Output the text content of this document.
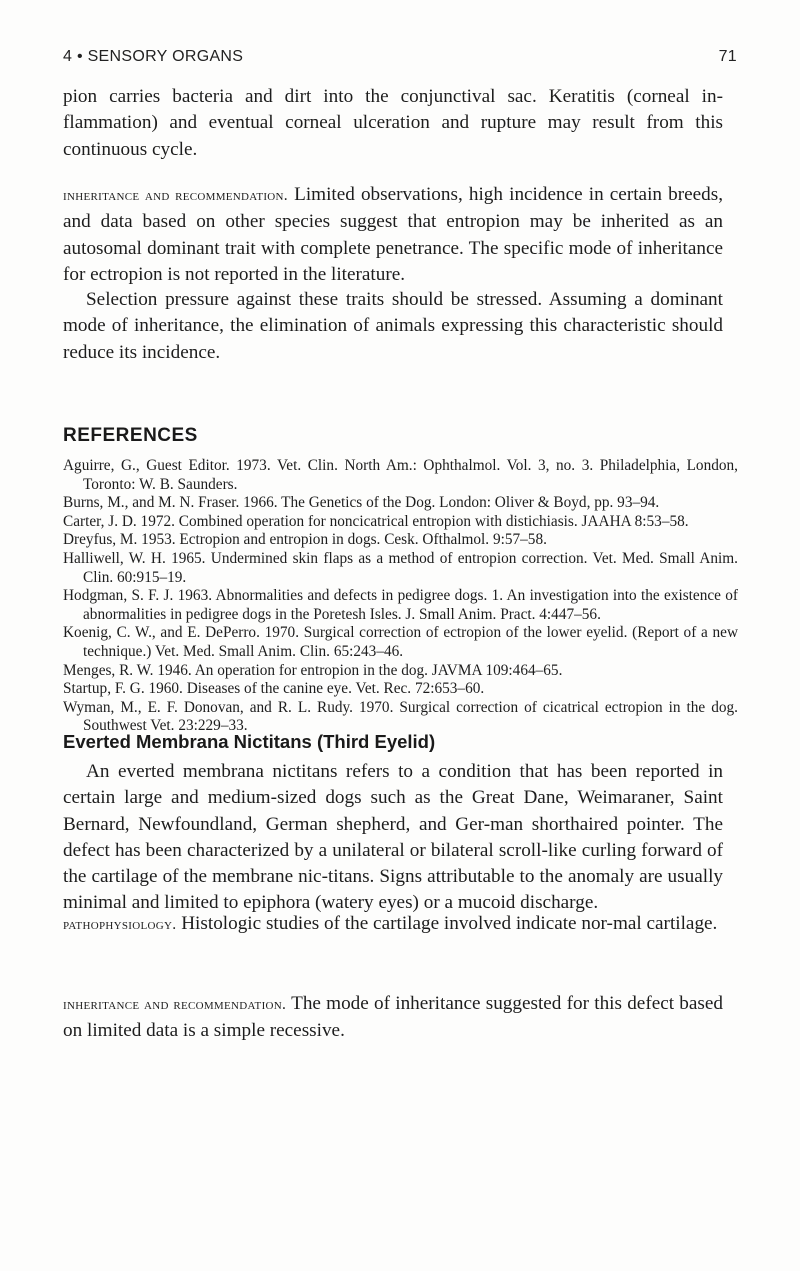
4 • SENSORY ORGANS	71

pion carries bacteria and dirt into the conjunctival sac. Keratitis (corneal in-flammation) and eventual corneal ulceration and rupture may result from this continuous cycle.

inheritance and recommendation. Limited observations, high incidence in certain breeds, and data based on other species suggest that entropion may be inherited as an autosomal dominant trait with complete penetrance. The specific mode of inheritance for ectropion is not reported in the literature.

Selection pressure against these traits should be stressed. Assuming a dominant mode of inheritance, the elimination of animals expressing this characteristic should reduce its incidence.

REFERENCES
Aguirre, G., Guest Editor. 1973. Vet. Clin. North Am.: Ophthalmol. Vol. 3, no. 3. Philadelphia, London, Toronto: W. B. Saunders.
Burns, M., and M. N. Fraser. 1966. The Genetics of the Dog. London: Oliver & Boyd, pp. 93–94.
Carter, J. D. 1972. Combined operation for noncicatrical entropion with distichiasis. JAAHA 8:53–58.
Dreyfus, M. 1953. Ectropion and entropion in dogs. Cesk. Ofthalmol. 9:57–58.
Halliwell, W. H. 1965. Undermined skin flaps as a method of entropion correction. Vet. Med. Small Anim. Clin. 60:915–19.
Hodgman, S. F. J. 1963. Abnormalities and defects in pedigree dogs. 1. An investigation into the existence of abnormalities in pedigree dogs in the Poretesh Isles. J. Small Anim. Pract. 4:447–56.
Koenig, C. W., and E. DePerro. 1970. Surgical correction of ectropion of the lower eyelid. (Report of a new technique.) Vet. Med. Small Anim. Clin. 65:243–46.
Menges, R. W. 1946. An operation for entropion in the dog. JAVMA 109:464–65.
Startup, F. G. 1960. Diseases of the canine eye. Vet. Rec. 72:653–60.
Wyman, M., E. F. Donovan, and R. L. Rudy. 1970. Surgical correction of cicatrical ectropion in the dog. Southwest Vet. 23:229–33.
Everted Membrana Nictitans (Third Eyelid)

An everted membrana nictitans refers to a condition that has been reported in certain large and medium-sized dogs such as the Great Dane, Weimaraner, Saint Bernard, Newfoundland, German shepherd, and Ger-man shorthaired pointer. The defect has been characterized by a unilateral or bilateral scroll-like curling forward of the cartilage of the membrane nic-titans. Signs attributable to the anomaly are usually minimal and limited to epiphora (watery eyes) or a mucoid discharge.

pathophysiology. Histologic studies of the cartilage involved indicate nor-mal cartilage.

inheritance and recommendation. The mode of inheritance suggested for this defect based on limited data is a simple recessive.
